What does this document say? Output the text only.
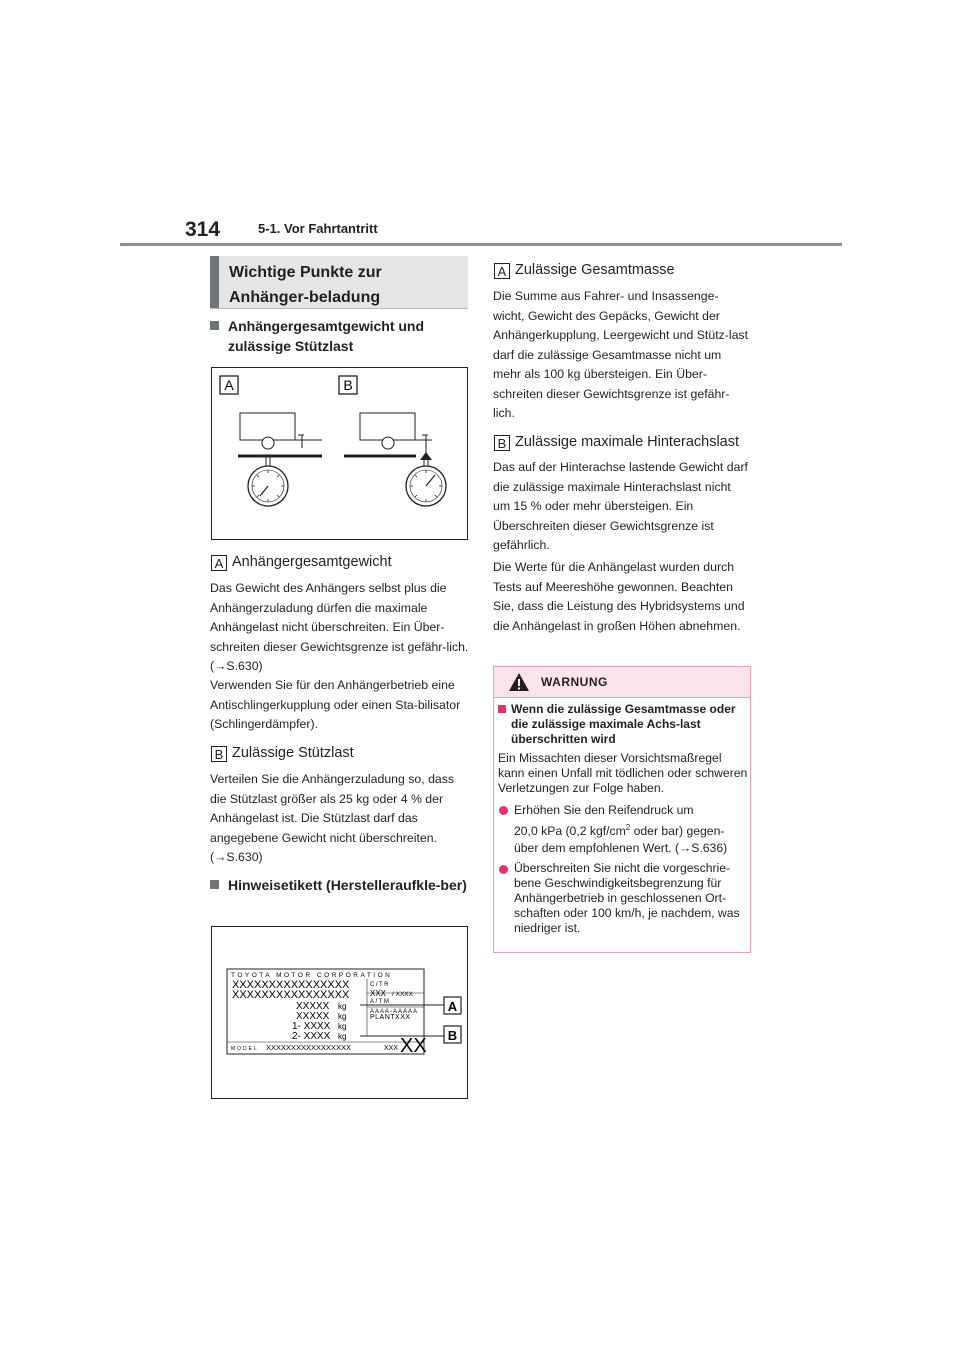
314	5-1. Vor Fahrtantritt
Wichtige Punkte zur Anhänger-beladung
Anhängergesamtgewicht und zulässige Stützlast
A	B
A Anhängergesamtgewicht
Das Gewicht des Anhängers selbst plus die Anhängerzuladung dürfen die maximale Anhängelast nicht überschreiten. Ein Über-schreiten dieser Gewichtsgrenze ist gefähr-lich. (→S.630)
Verwenden Sie für den Anhängerbetrieb eine Antischlingerkupplung oder einen Sta-bilisator (Schlingerdämpfer).
B Zulässige Stützlast
Verteilen Sie die Anhängerzuladung so, dass die Stützlast größer als 25 kg oder 4 % der Anhängelast ist. Die Stützlast darf das angegebene Gewicht nicht überschreiten. (→S.630)
Hinweisetikett (Herstelleraufkle-ber)
TOYOTA MOTOR CORPORATION
XXXXXXXXXXXXXXXX
XXXXXXXXXXXXXXXX
XXXXX
XXXXX
1- XXXX
2- XXXX
kg
kg
kg
kg
C/TR
XXX / XXXX
A/TM
AAAA-AAAAA
PLANTXXX
MODEL XXXXXXXXXXXXXXXXX	XXX XX
A
B
A Zulässige Gesamtmasse
Die Summe aus Fahrer- und Insassenge-wicht, Gewicht des Gepäcks, Gewicht der Anhängerkupplung, Leergewicht und Stütz-last darf die zulässige Gesamtmasse nicht um mehr als 100 kg übersteigen. Ein Über-schreiten dieser Gewichtsgrenze ist gefähr-lich.
B Zulässige maximale Hinterachslast
Das auf der Hinterachse lastende Gewicht darf die zulässige maximale Hinterachslast nicht um 15 % oder mehr übersteigen. Ein Überschreiten dieser Gewichtsgrenze ist gefährlich.
Die Werte für die Anhängelast wurden durch Tests auf Meereshöhe gewonnen. Beachten Sie, dass die Leistung des Hybridsystems und die Anhängelast in großen Höhen abnehmen.
WARNUNG
Wenn die zulässige Gesamtmasse oder die zulässige maximale Achs-last überschritten wird
Ein Missachten dieser Vorsichtsmaßregel kann einen Unfall mit tödlichen oder schweren Verletzungen zur Folge haben.
Erhöhen Sie den Reifendruck um
20,0 kPa (0,2 kgf/$cm^2$ oder bar) gegen-
über dem empfohlenen Wert. (→S.636)
Überschreiten Sie nicht die vorgeschrie-bene Geschwindigkeitsbegrenzung für Anhängerbetrieb in geschlossenen Ort-schaften oder 100 km/h, je nachdem, was niedriger ist.
